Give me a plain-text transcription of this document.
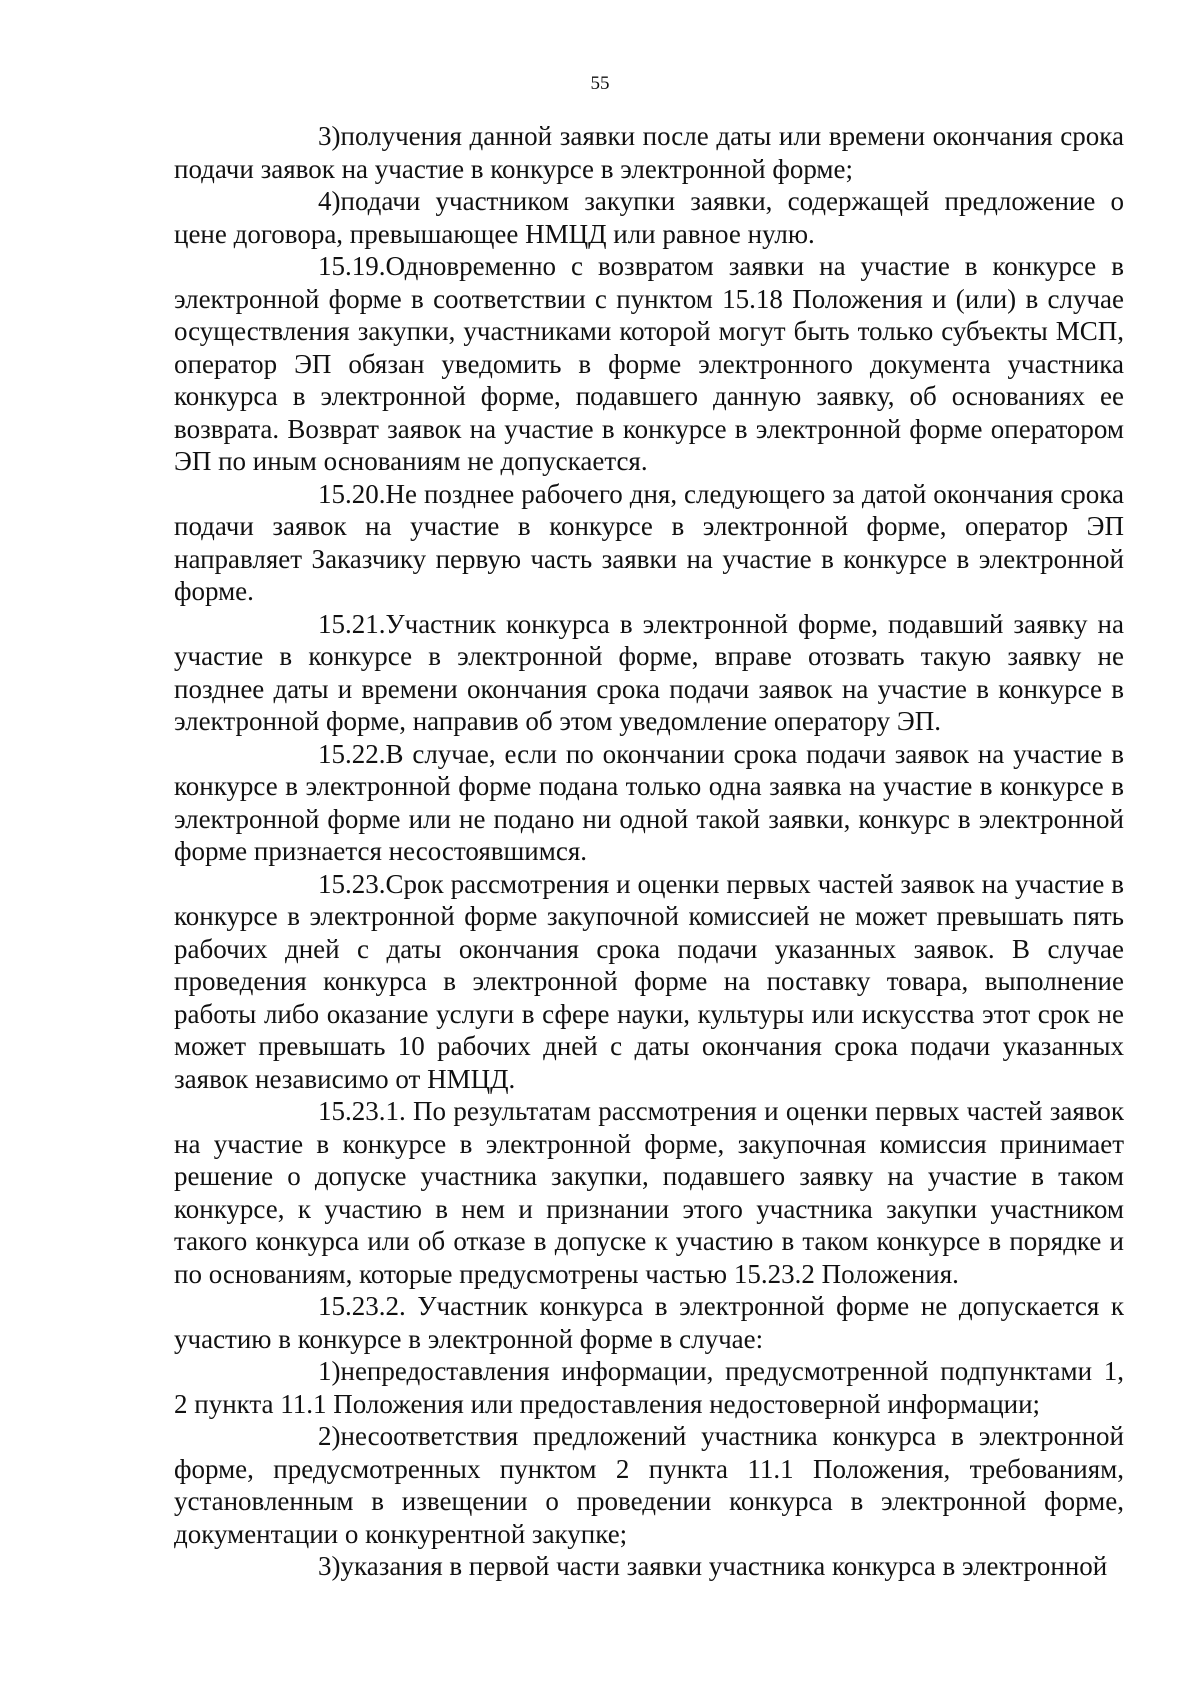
55

3)получения данной заявки после даты или времени окончания срока подачи заявок на участие в конкурсе в электронной форме;

4)подачи участником закупки заявки, содержащей предложение о цене договора, превышающее НМЦД или равное нулю.

15.19.Одновременно с возвратом заявки на участие в конкурсе в электронной форме в соответствии с пунктом 15.18 Положения и (или) в случае осуществления закупки, участниками которой могут быть только субъекты МСП, оператор ЭП обязан уведомить в форме электронного документа участника конкурса в электронной форме, подавшего данную заявку, об основаниях ее возврата. Возврат заявок на участие в конкурсе в электронной форме оператором ЭП по иным основаниям не допускается.

15.20.Не позднее рабочего дня, следующего за датой окончания срока подачи заявок на участие в конкурсе в электронной форме, оператор ЭП направляет Заказчику первую часть заявки на участие в конкурсе в электронной форме.

15.21.Участник конкурса в электронной форме, подавший заявку на участие в конкурсе в электронной форме, вправе отозвать такую заявку не позднее даты и времени окончания срока подачи заявок на участие в конкурсе в электронной форме, направив об этом уведомление оператору ЭП.

15.22.В случае, если по окончании срока подачи заявок на участие в конкурсе в электронной форме подана только одна заявка на участие в конкурсе в электронной форме или не подано ни одной такой заявки, конкурс в электронной форме признается несостоявшимся.

15.23.Срок рассмотрения и оценки первых частей заявок на участие в конкурсе в электронной форме закупочной комиссией не может превышать пять рабочих дней с даты окончания срока подачи указанных заявок. В случае проведения конкурса в электронной форме на поставку товара, выполнение работы либо оказание услуги в сфере науки, культуры или искусства этот срок не может превышать 10 рабочих дней с даты окончания срока подачи указанных заявок независимо от НМЦД.

15.23.1. По результатам рассмотрения и оценки первых частей заявок на участие в конкурсе в электронной форме, закупочная комиссия принимает решение о допуске участника закупки, подавшего заявку на участие в таком конкурсе, к участию в нем и признании этого участника закупки участником такого конкурса или об отказе в допуске к участию в таком конкурсе в порядке и по основаниям, которые предусмотрены частью 15.23.2 Положения.

15.23.2. Участник конкурса в электронной форме не допускается к участию в конкурсе в электронной форме в случае:

1)непредоставления информации, предусмотренной подпунктами 1, 2 пункта 11.1 Положения или предоставления недостоверной информации;

2)несоответствия предложений участника конкурса в электронной форме, предусмотренных пунктом 2 пункта 11.1 Положения, требованиям, установленным в извещении о проведении конкурса в электронной форме, документации о конкурентной закупке;

3)указания в первой части заявки участника конкурса в электронной
